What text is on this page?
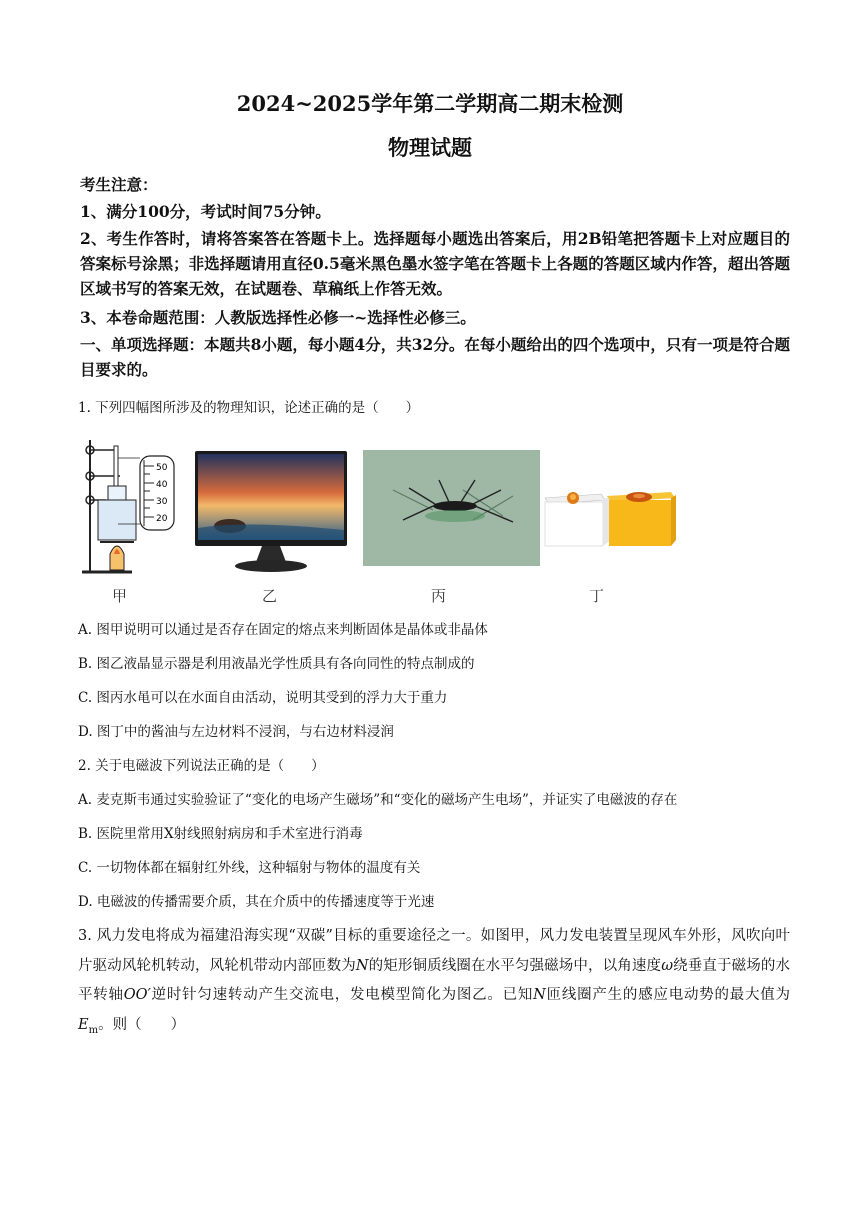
2024~2025学年第二学期高二期末检测
物理试题
考生注意：
1、满分100分，考试时间75分钟。
2、考生作答时，请将答案答在答题卡上。选择题每小题选出答案后，用2B铅笔把答题卡上对应题目的答案标号涂黑；非选择题请用直径0.5毫米黑色墨水签字笔在答题卡上各题的答题区域内作答，超出答题区域书写的答案无效，在试题卷、草稿纸上作答无效。
3、本卷命题范围：人教版选择性必修一~选择性必修三。
一、单项选择题：本题共8小题，每小题4分，共32分。在每小题给出的四个选项中，只有一项是符合题目要求的。
1. 下列四幅图所涉及的物理知识，论述正确的是（　　）
50
40
30
20
甲	乙	丙	丁
A. 图甲说明可以通过是否存在固定的熔点来判断固体是晶体或非晶体
B. 图乙液晶显示器是利用液晶光学性质具有各向同性的特点制成的
C. 图丙水黾可以在水面自由活动，说明其受到的浮力大于重力
D. 图丁中的酱油与左边材料不浸润，与右边材料浸润
2. 关于电磁波下列说法正确的是（　　）
A. 麦克斯韦通过实验验证了“变化的电场产生磁场”和“变化的磁场产生电场”，并证实了电磁波的存在
B. 医院里常用X射线照射病房和手术室进行消毒
C. 一切物体都在辐射红外线，这种辐射与物体的温度有关
D. 电磁波的传播需要介质，其在介质中的传播速度等于光速
3. 风力发电将成为福建沿海实现“双碳”目标的重要途径之一。如图甲，风力发电装置呈现风车外形，风吹向叶片驱动风轮机转动，风轮机带动内部匝数为N的矩形铜质线圈在水平匀强磁场中，以角速度ω绕垂直于磁场的水平转轴OO′逆时针匀速转动产生交流电，发电模型简化为图乙。已知N匝线圈产生的感应电动势的最大值为$E_m$。则（　　）
